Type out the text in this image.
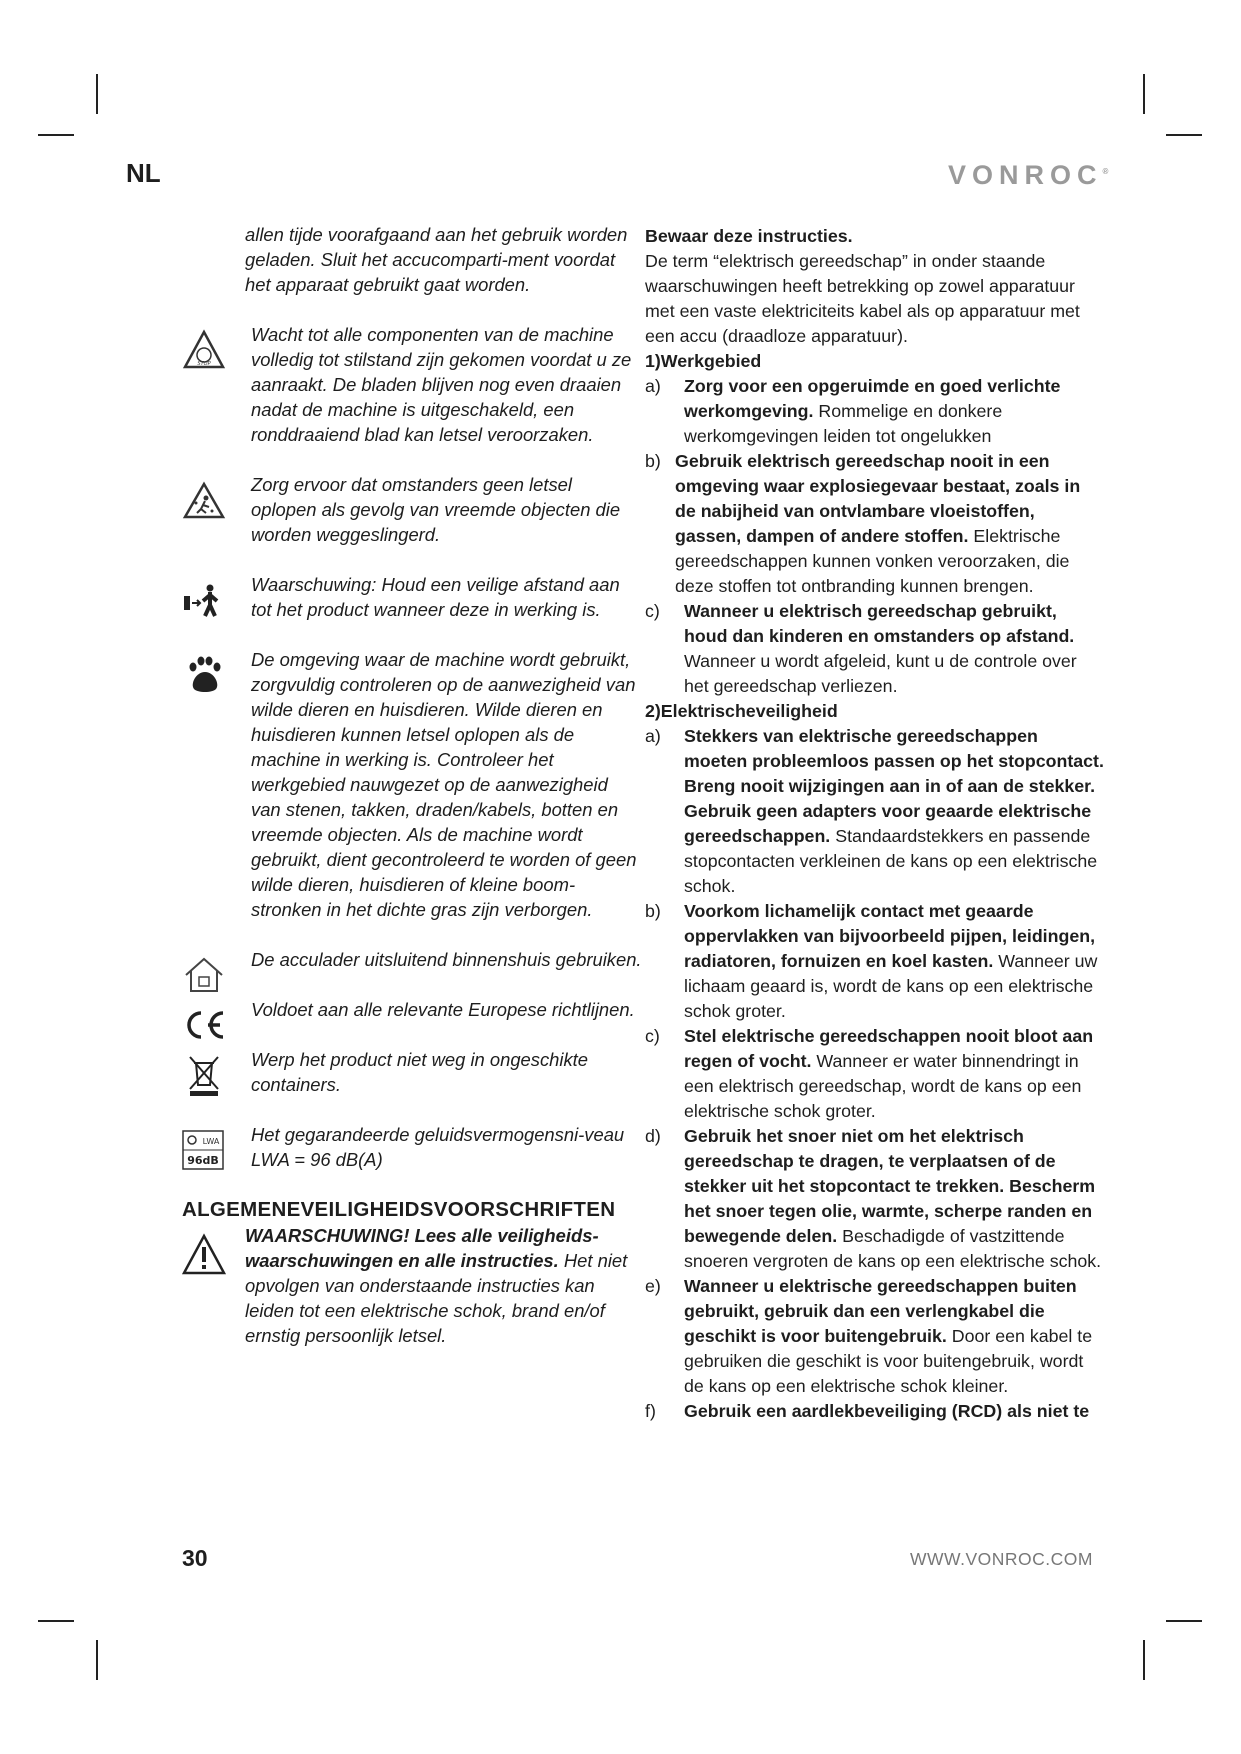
NL	VONROC®
allen tijde voorafgaand aan het gebruik worden geladen. Sluit het accucomparti-ment voordat het apparaat gebruikt gaat worden.
STOP
Wacht tot alle componenten van de machine volledig tot stilstand zijn gekomen voordat u ze aanraakt. De bladen blijven nog even draaien nadat de machine is uitgeschakeld, een ronddraaiend blad kan letsel veroorzaken.
Zorg ervoor dat omstanders geen letsel oplopen als gevolg van vreemde objecten die worden weggeslingerd.
Waarschuwing: Houd een veilige afstand aan tot het product wanneer deze in werking is.
De omgeving waar de machine wordt gebruikt, zorgvuldig controleren op de aanwezigheid van wilde dieren en huisdieren. Wilde dieren en huisdieren kunnen letsel oplopen als de machine in werking is. Controleer het werkgebied nauwgezet op de aanwezigheid van stenen, takken, draden/kabels, botten en vreemde objecten. Als de machine wordt gebruikt, dient gecontroleerd te worden of geen wilde dieren, huisdieren of kleine boom-stronken in het dichte gras zijn verborgen.
De acculader uitsluitend binnenshuis gebruiken.
Voldoet aan alle relevante Europese richtlijnen.
Werp het product niet weg in ongeschikte containers.
LWA
96dB
Het gegarandeerde geluidsvermogensni-veau LWA = 96 dB(A)
ALGEMENEVEILIGHEIDSVOORSCHRIFTEN
WAARSCHUWING! Lees alle veiligheids-waarschuwingen en alle instructies. Het niet opvolgen van onderstaande instructies kan leiden tot een elektrische schok, brand en/of ernstig persoonlijk letsel.

Bewaar deze instructies.

De term “elektrisch gereedschap” in onder staande waarschuwingen heeft betrekking op zowel apparatuur met een vaste elektriciteits kabel als op apparatuur met een accu (draadloze apparatuur).

1)Werkgebied

a)	Zorg voor een opgeruimde en goed verlichte werkomgeving. Rommelige en donkere werkomgevingen leiden tot ongelukken
b) Gebruik elektrisch gereedschap nooit in een omgeving waar explosiegevaar bestaat, zoals in de nabijheid van ontvlambare vloeistoffen, gassen, dampen of andere stoffen. Elektrische gereedschappen kunnen vonken veroorzaken, die deze stoffen tot ontbranding kunnen brengen.
c)	Wanneer u elektrisch gereedschap gebruikt, houd dan kinderen en omstanders op afstand. Wanneer u wordt afgeleid, kunt u de controle over het gereedschap verliezen.

2)Elektrischeveiligheid

a)	Stekkers van elektrische gereedschappen moeten probleemloos passen op het stopcontact. Breng nooit wijzigingen aan in of aan de stekker. Gebruik geen adapters voor geaarde elektrische gereedschappen. Standaardstekkers en passende stopcontacten verkleinen de kans op een elektrische schok.
b)	Voorkom lichamelijk contact met geaarde oppervlakken van bijvoorbeeld pijpen, leidingen, radiatoren, fornuizen en koel kasten. Wanneer uw lichaam geaard is, wordt de kans op een elektrische schok groter.
c)	Stel elektrische gereedschappen nooit bloot aan regen of vocht. Wanneer er water binnendringt in een elektrisch gereedschap, wordt de kans op een elektrische schok groter.
d)	Gebruik het snoer niet om het elektrisch gereedschap te dragen, te verplaatsen of de stekker uit het stopcontact te trekken. Bescherm het snoer tegen olie, warmte, scherpe randen en bewegende delen. Beschadigde of vastzittende snoeren vergroten de kans op een elektrische schok.
e)	Wanneer u elektrische gereedschappen buiten gebruikt, gebruik dan een verlengkabel die geschikt is voor buitengebruik. Door een kabel te gebruiken die geschikt is voor buitengebruik, wordt de kans op een elektrische schok kleiner.
f)	Gebruik een aardlekbeveiliging (RCD) als niet te
30	WWW.VONROC.COM
